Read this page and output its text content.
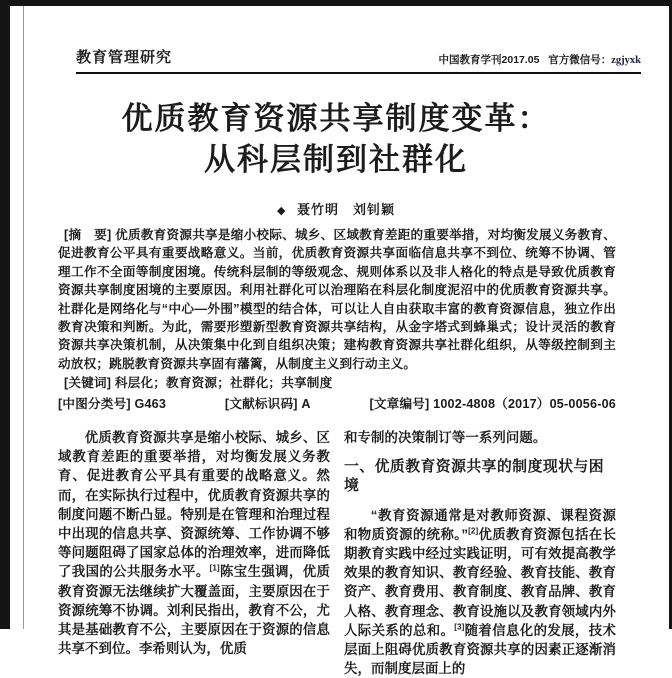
教育管理研究	中国教育学刊2017.05 官方微信号：zgjyxk
优质教育资源共享制度变革：
从科层制到社群化
◆ 聂竹明　刘钊颖

[摘　要] 优质教育资源共享是缩小校际、城乡、区域教育差距的重要举措，对均衡发展义务教育、促进教育公平具有重要战略意义。当前，优质教育资源共享面临信息共享不到位、统筹不协调、管理工作不全面等制度困境。传统科层制的等级观念、规则体系以及非人格化的特点是导致优质教育资源共享制度困境的主要原因。利用社群化可以治理陷在科层化制度泥沼中的优质教育资源共享。社群化是网络化与“中心—外围”模型的结合体，可以让人自由获取丰富的教育资源信息，独立作出教育决策和判断。为此，需要形塑新型教育资源共享结构，从金字塔式到蜂巢式；设计灵活的教育资源共享决策机制，从决策集中化到自组织决策；建构教育资源共享社群化组织，从等级控制到主动放权；跳脱教育资源共享固有藩篱，从制度主义到行动主义。

[关键词] 科层化；教育资源；社群化；共享制度

[中图分类号] G463	[文献标识码] A	[文章编号] 1002-4808（2017）05-0056-06

优质教育资源共享是缩小校际、城乡、区域教育差距的重要举措，对均衡发展义务教育、促进教育公平具有重要的战略意义。然而，在实际执行过程中，优质教育资源共享的制度问题不断凸显。特别是在管理和治理过程中出现的信息共享、资源统筹、工作协调不够等问题阻碍了国家总体的治理效率，进而降低了我国的公共服务水平。[1]陈宝生强调，优质教育资源无法继续扩大覆盖面，主要原因在于资源统筹不协调。刘利民指出，教育不公，尤其是基础教育不公，主要原因在于资源的信息共享不到位。李希则认为，优质

和专制的决策制订等一系列问题。

一、优质教育资源共享的制度现状与困境

“教育资源通常是对教师资源、课程资源和物质资源的统称。”[2]优质教育资源包括在长期教育实践中经过实践证明，可有效提高教学效果的教育知识、教育经验、教育技能、教育资产、教育费用、教育制度、教育品牌、教育人格、教育理念、教育设施以及教育领域内外人际关系的总和。[3]随着信息化的发展，技术层面上阻碍优质教育资源共享的因素正逐渐消失，而制度层面上的
